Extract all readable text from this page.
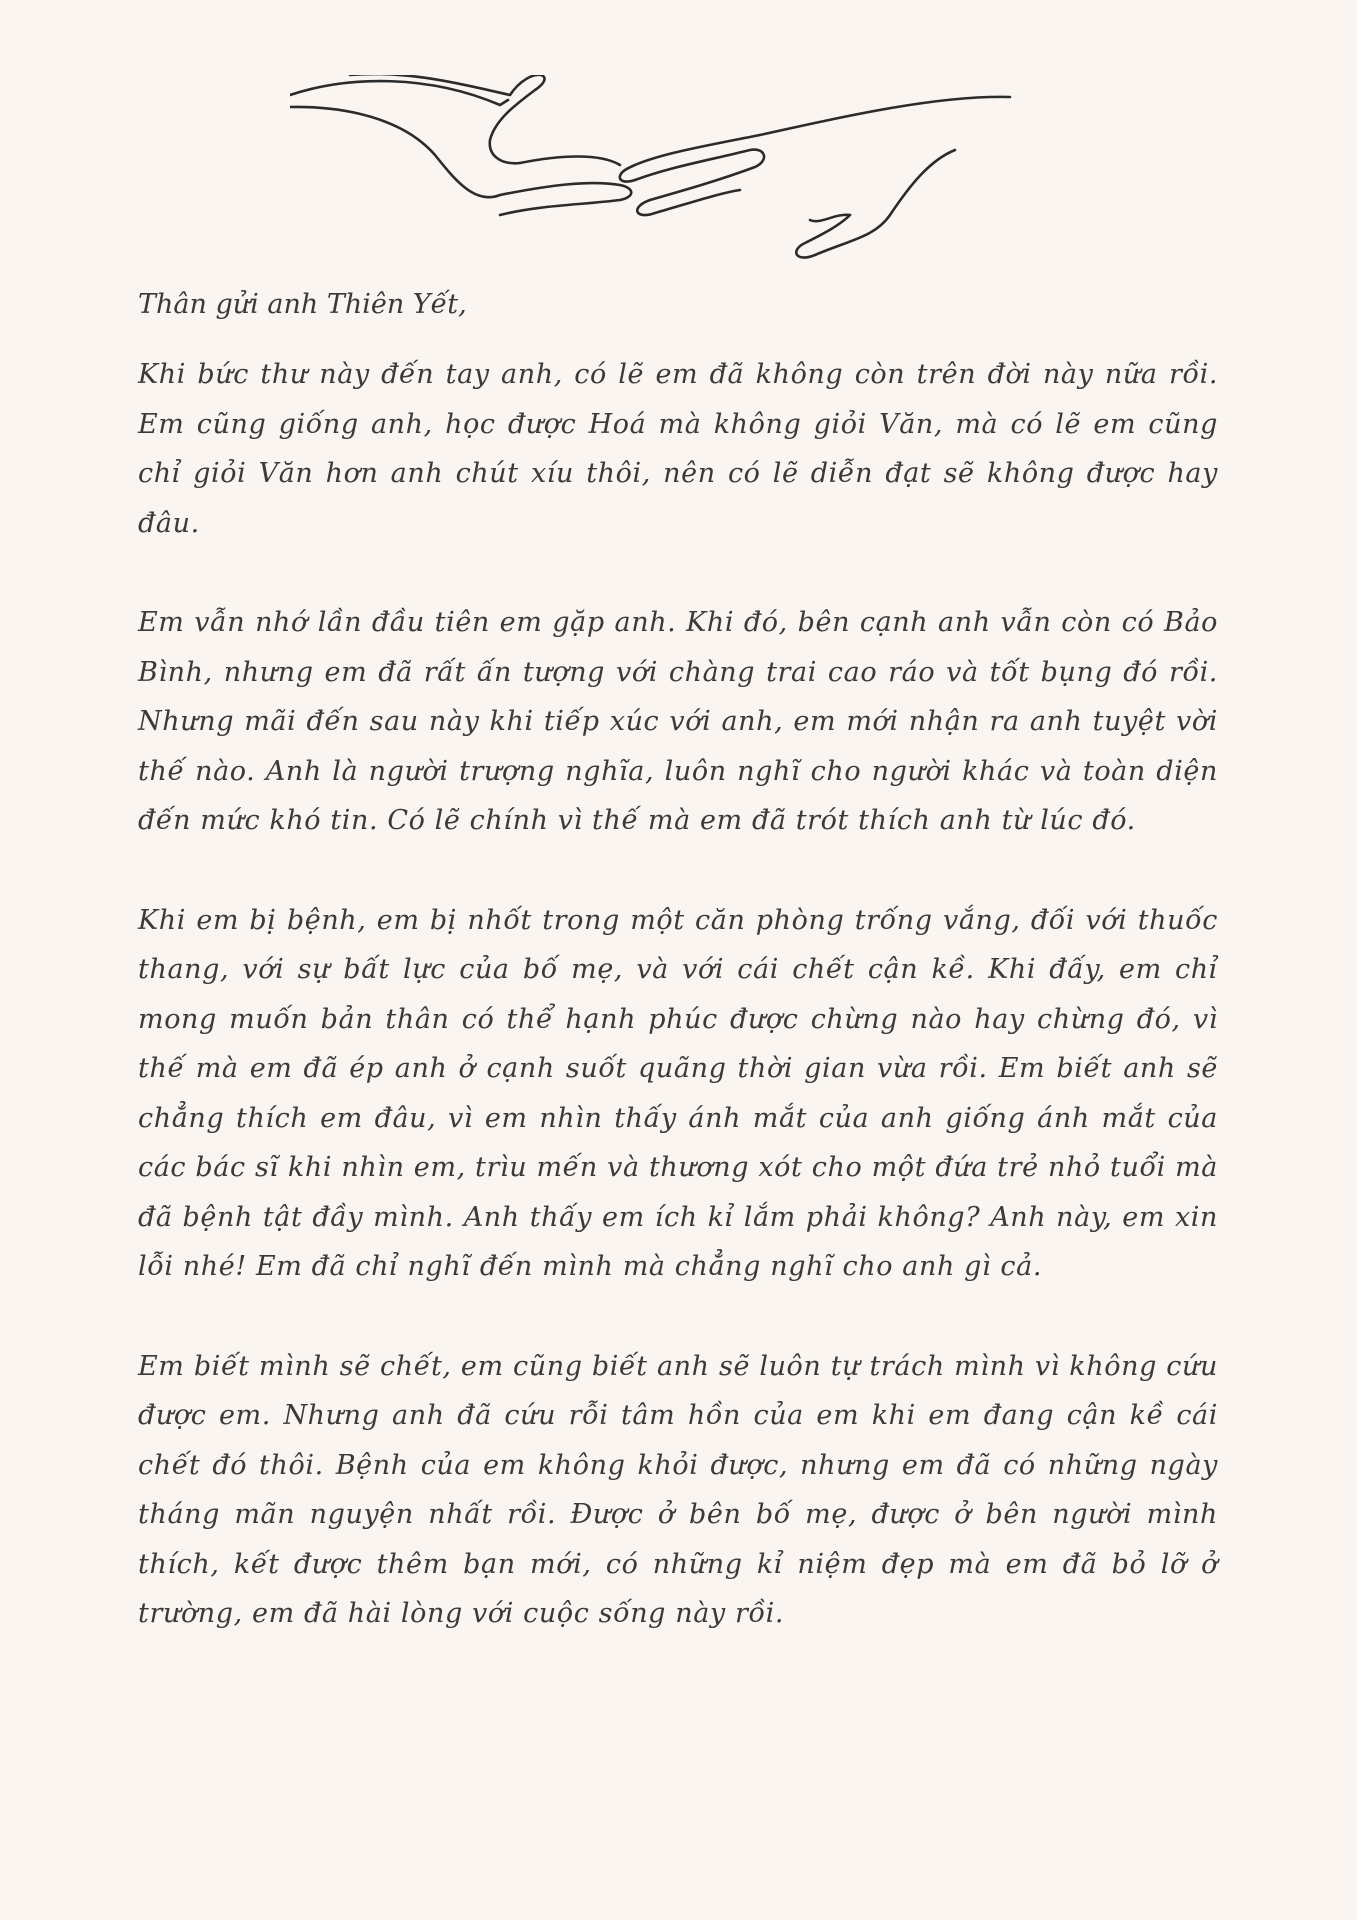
Thân gửi anh Thiên Yết,

Khi bức thư này đến tay anh, có lẽ em đã không còn trên đời này nữa rồi. Em cũng giống anh, học được Hoá mà không giỏi Văn, mà có lẽ em cũng chỉ giỏi Văn hơn anh chút xíu thôi, nên có lẽ diễn đạt sẽ không được hay đâu.

Em vẫn nhớ lần đầu tiên em gặp anh. Khi đó, bên cạnh anh vẫn còn có Bảo Bình, nhưng em đã rất ấn tượng với chàng trai cao ráo và tốt bụng đó rồi. Nhưng mãi đến sau này khi tiếp xúc với anh, em mới nhận ra anh tuyệt vời thế nào. Anh là người trượng nghĩa, luôn nghĩ cho người khác và toàn diện đến mức khó tin. Có lẽ chính vì thế mà em đã trót thích anh từ lúc đó.

Khi em bị bệnh, em bị nhốt trong một căn phòng trống vắng, đối với thuốc thang, với sự bất lực của bố mẹ, và với cái chết cận kề. Khi đấy, em chỉ mong muốn bản thân có thể hạnh phúc được chừng nào hay chừng đó, vì thế mà em đã ép anh ở cạnh suốt quãng thời gian vừa rồi. Em biết anh sẽ chẳng thích em đâu, vì em nhìn thấy ánh mắt của anh giống ánh mắt của các bác sĩ khi nhìn em, trìu mến và thương xót cho một đứa trẻ nhỏ tuổi mà đã bệnh tật đầy mình. Anh thấy em ích kỉ lắm phải không? Anh này, em xin lỗi nhé! Em đã chỉ nghĩ đến mình mà chẳng nghĩ cho anh gì cả.

Em biết mình sẽ chết, em cũng biết anh sẽ luôn tự trách mình vì không cứu được em. Nhưng anh đã cứu rỗi tâm hồn của em khi em đang cận kề cái chết đó thôi. Bệnh của em không khỏi được, nhưng em đã có những ngày tháng mãn nguyện nhất rồi. Được ở bên bố mẹ, được ở bên người mình thích, kết được thêm bạn mới, có những kỉ niệm đẹp mà em đã bỏ lỡ ở trường, em đã hài lòng với cuộc sống này rồi.
